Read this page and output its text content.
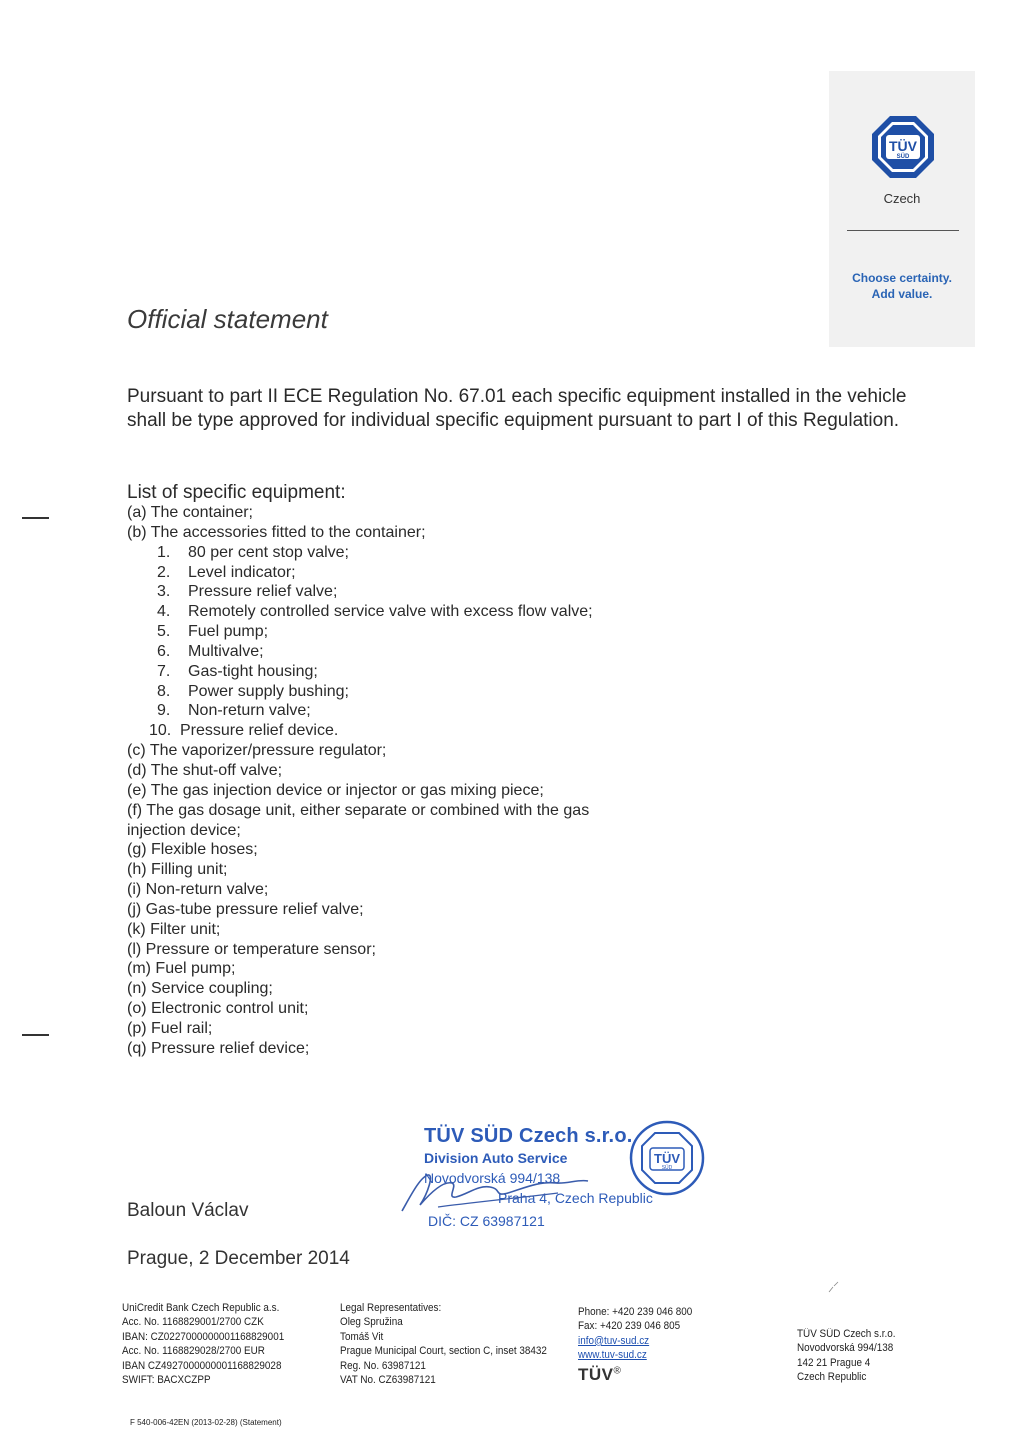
TÜV
SÜD
Czech
Choose certainty.
Add value.
Official statement
Pursuant to part II ECE Regulation No. 67.01 each specific equipment installed in the vehicle shall be type approved for individual specific equipment pursuant to part I of this Regulation.
List of specific equipment:
(a) The container;
(b) The accessories fitted to the container;
1. 80 per cent stop valve;
2. Level indicator;
3. Pressure relief valve;
4. Remotely controlled service valve with excess flow valve;
5. Fuel pump;
6. Multivalve;
7. Gas-tight housing;
8. Power supply bushing;
9. Non-return valve;
10. Pressure relief device.
(c) The vaporizer/pressure regulator;
(d) The shut-off valve;
(e) The gas injection device or injector or gas mixing piece;
(f) The gas dosage unit, either separate or combined with the gas
injection device;
(g) Flexible hoses;
(h) Filling unit;
(i) Non-return valve;
(j) Gas-tube pressure relief valve;
(k) Filter unit;
(l) Pressure or temperature sensor;
(m) Fuel pump;
(n) Service coupling;
(o) Electronic control unit;
(p) Fuel rail;
(q) Pressure relief device;
Baloun Václav
Prague, 2 December 2014
TÜV SÜD Czech s.r.o.
Division Auto Service
Novodvorská 994/138
Praha 4, Czech Republic
DIČ: CZ 63987121
TÜV
SÜD
UniCredit Bank Czech Republic a.s.
Acc. No. 1168829001/2700 CZK
IBAN: CZ0227000000001168829001
Acc. No. 1168829028/2700 EUR
IBAN CZ4927000000001168829028
SWIFT: BACXCZPP
F 540-006-42EN (2013-02-28) (Statement)
Legal Representatives:
Oleg Spružina
Tomáš Vit
Prague Municipal Court, section C, inset 38432
Reg. No. 63987121
VAT No. CZ63987121
Phone: +420 239 046 800
Fax: +420 239 046 805
info@tuv-sud.cz
www.tuv-sud.cz
TÜV®
TÜV SÜD Czech s.r.o.
Novodvorská 994/138
142 21 Prague 4
Czech Republic
